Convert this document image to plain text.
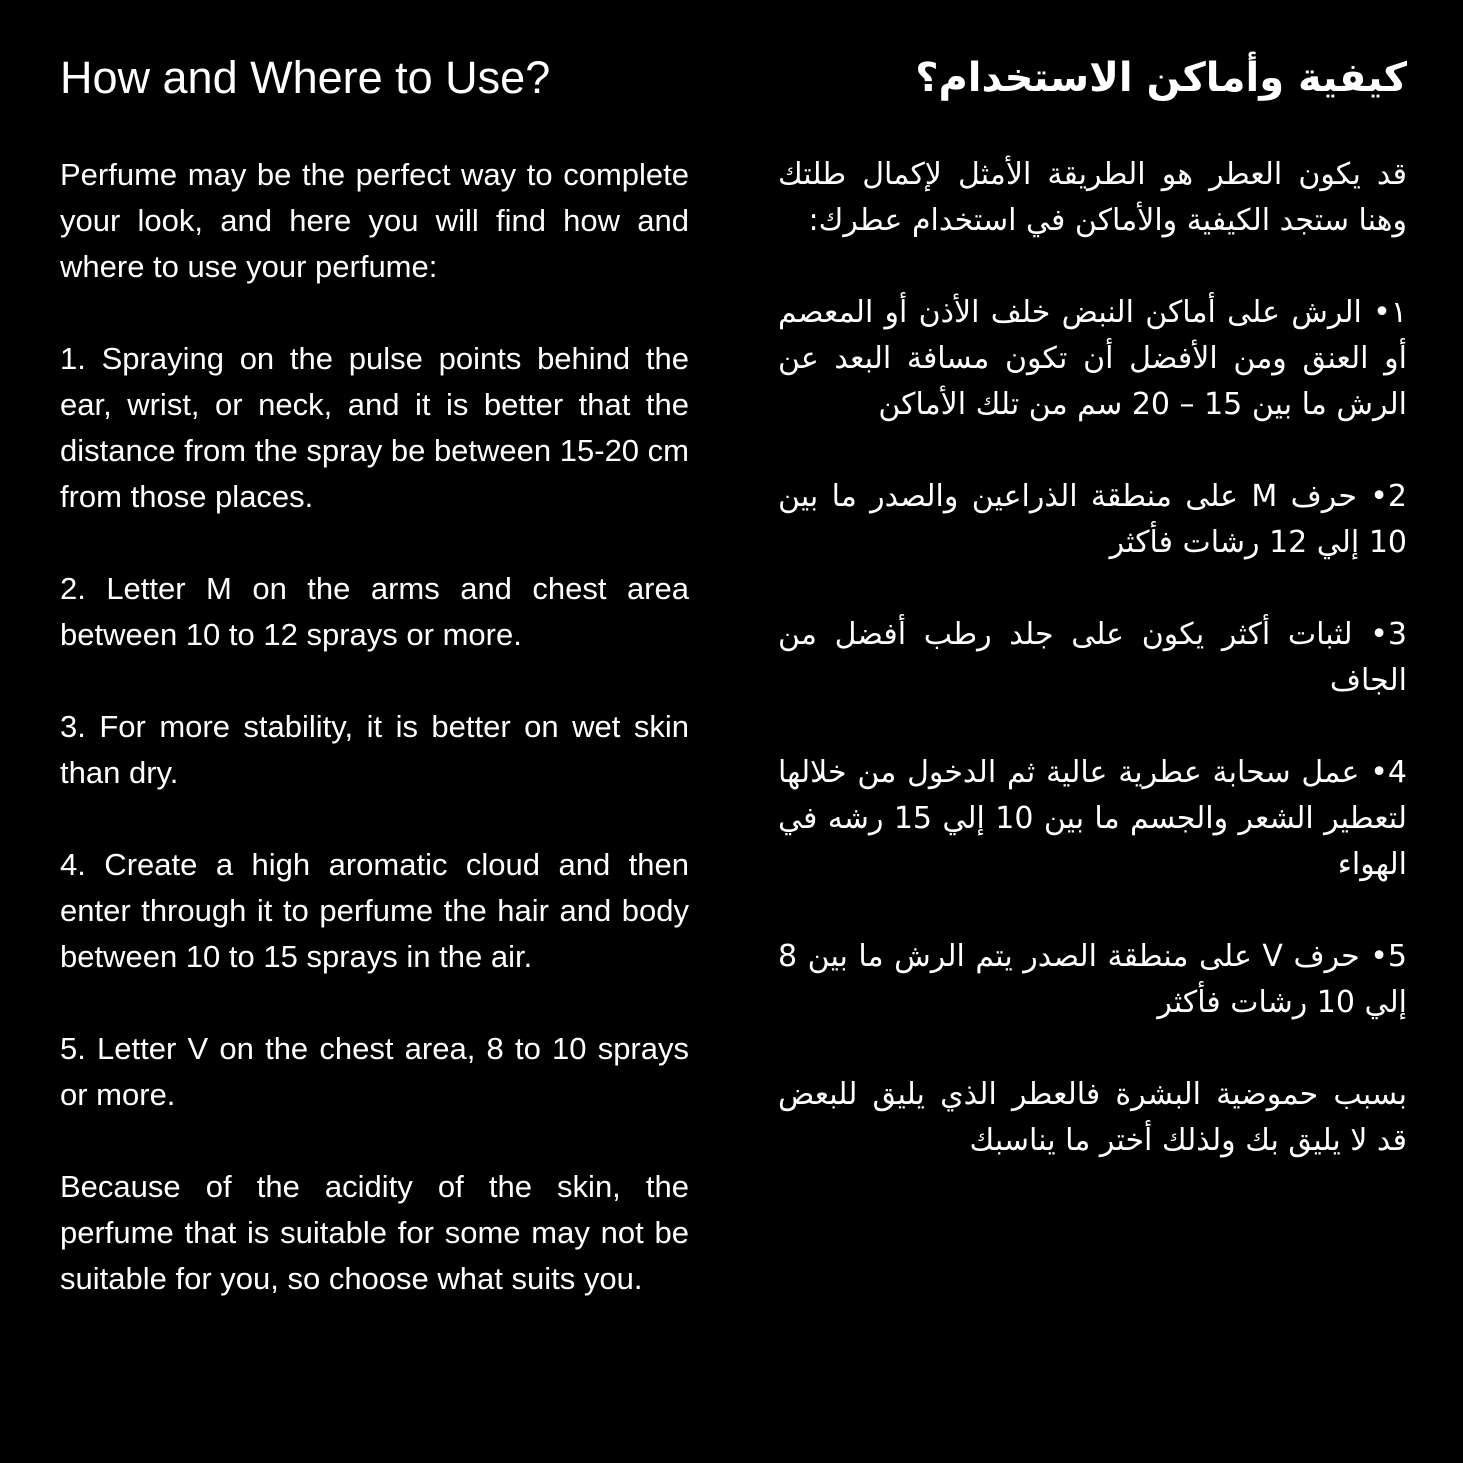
How and Where to Use?

Perfume may be the perfect way to complete your look, and here you will find how and where to use your perfume:

1. Spraying on the pulse points behind the ear, wrist, or neck, and it is better that the distance from the spray be between 15-20 cm from those places.

2. Letter M on the arms and chest area between 10 to 12 sprays or more.

3. For more stability, it is better on wet skin than dry.

4. Create a high aromatic cloud and then enter through it to perfume the hair and body between 10 to 15 sprays in the air.

5. Letter V on the chest area, 8 to 10 sprays or more.

Because of the acidity of the skin, the perfume that is suitable for some may not be suitable for you, so choose what suits you.

كيفية وأماكن الاستخدام؟

قد يكون العطر هو الطريقة الأمثل لإكمال طلتك وهنا ستجد الكيفية والأماكن في استخدام عطرك:

١• الرش على أماكن النبض خلف الأذن أو المعصم أو العنق ومن الأفضل أن تكون مسافة البعد عن الرش ما بين 15 – 20 سم من تلك الأماكن

2• حرف M على منطقة الذراعين والصدر ما بين 10 إلي 12 رشات فأكثر

3• لثبات أكثر يكون على جلد رطب أفضل من الجاف

4• عمل سحابة عطرية عالية ثم الدخول من خلالها لتعطير الشعر والجسم ما بين 10 إلي 15 رشه في الهواء

5• حرف V على منطقة الصدر يتم الرش ما بين 8 إلي 10 رشات فأكثر

بسبب حموضية البشرة فالعطر الذي يليق للبعض قد لا يليق بك ولذلك أختر ما يناسبك
